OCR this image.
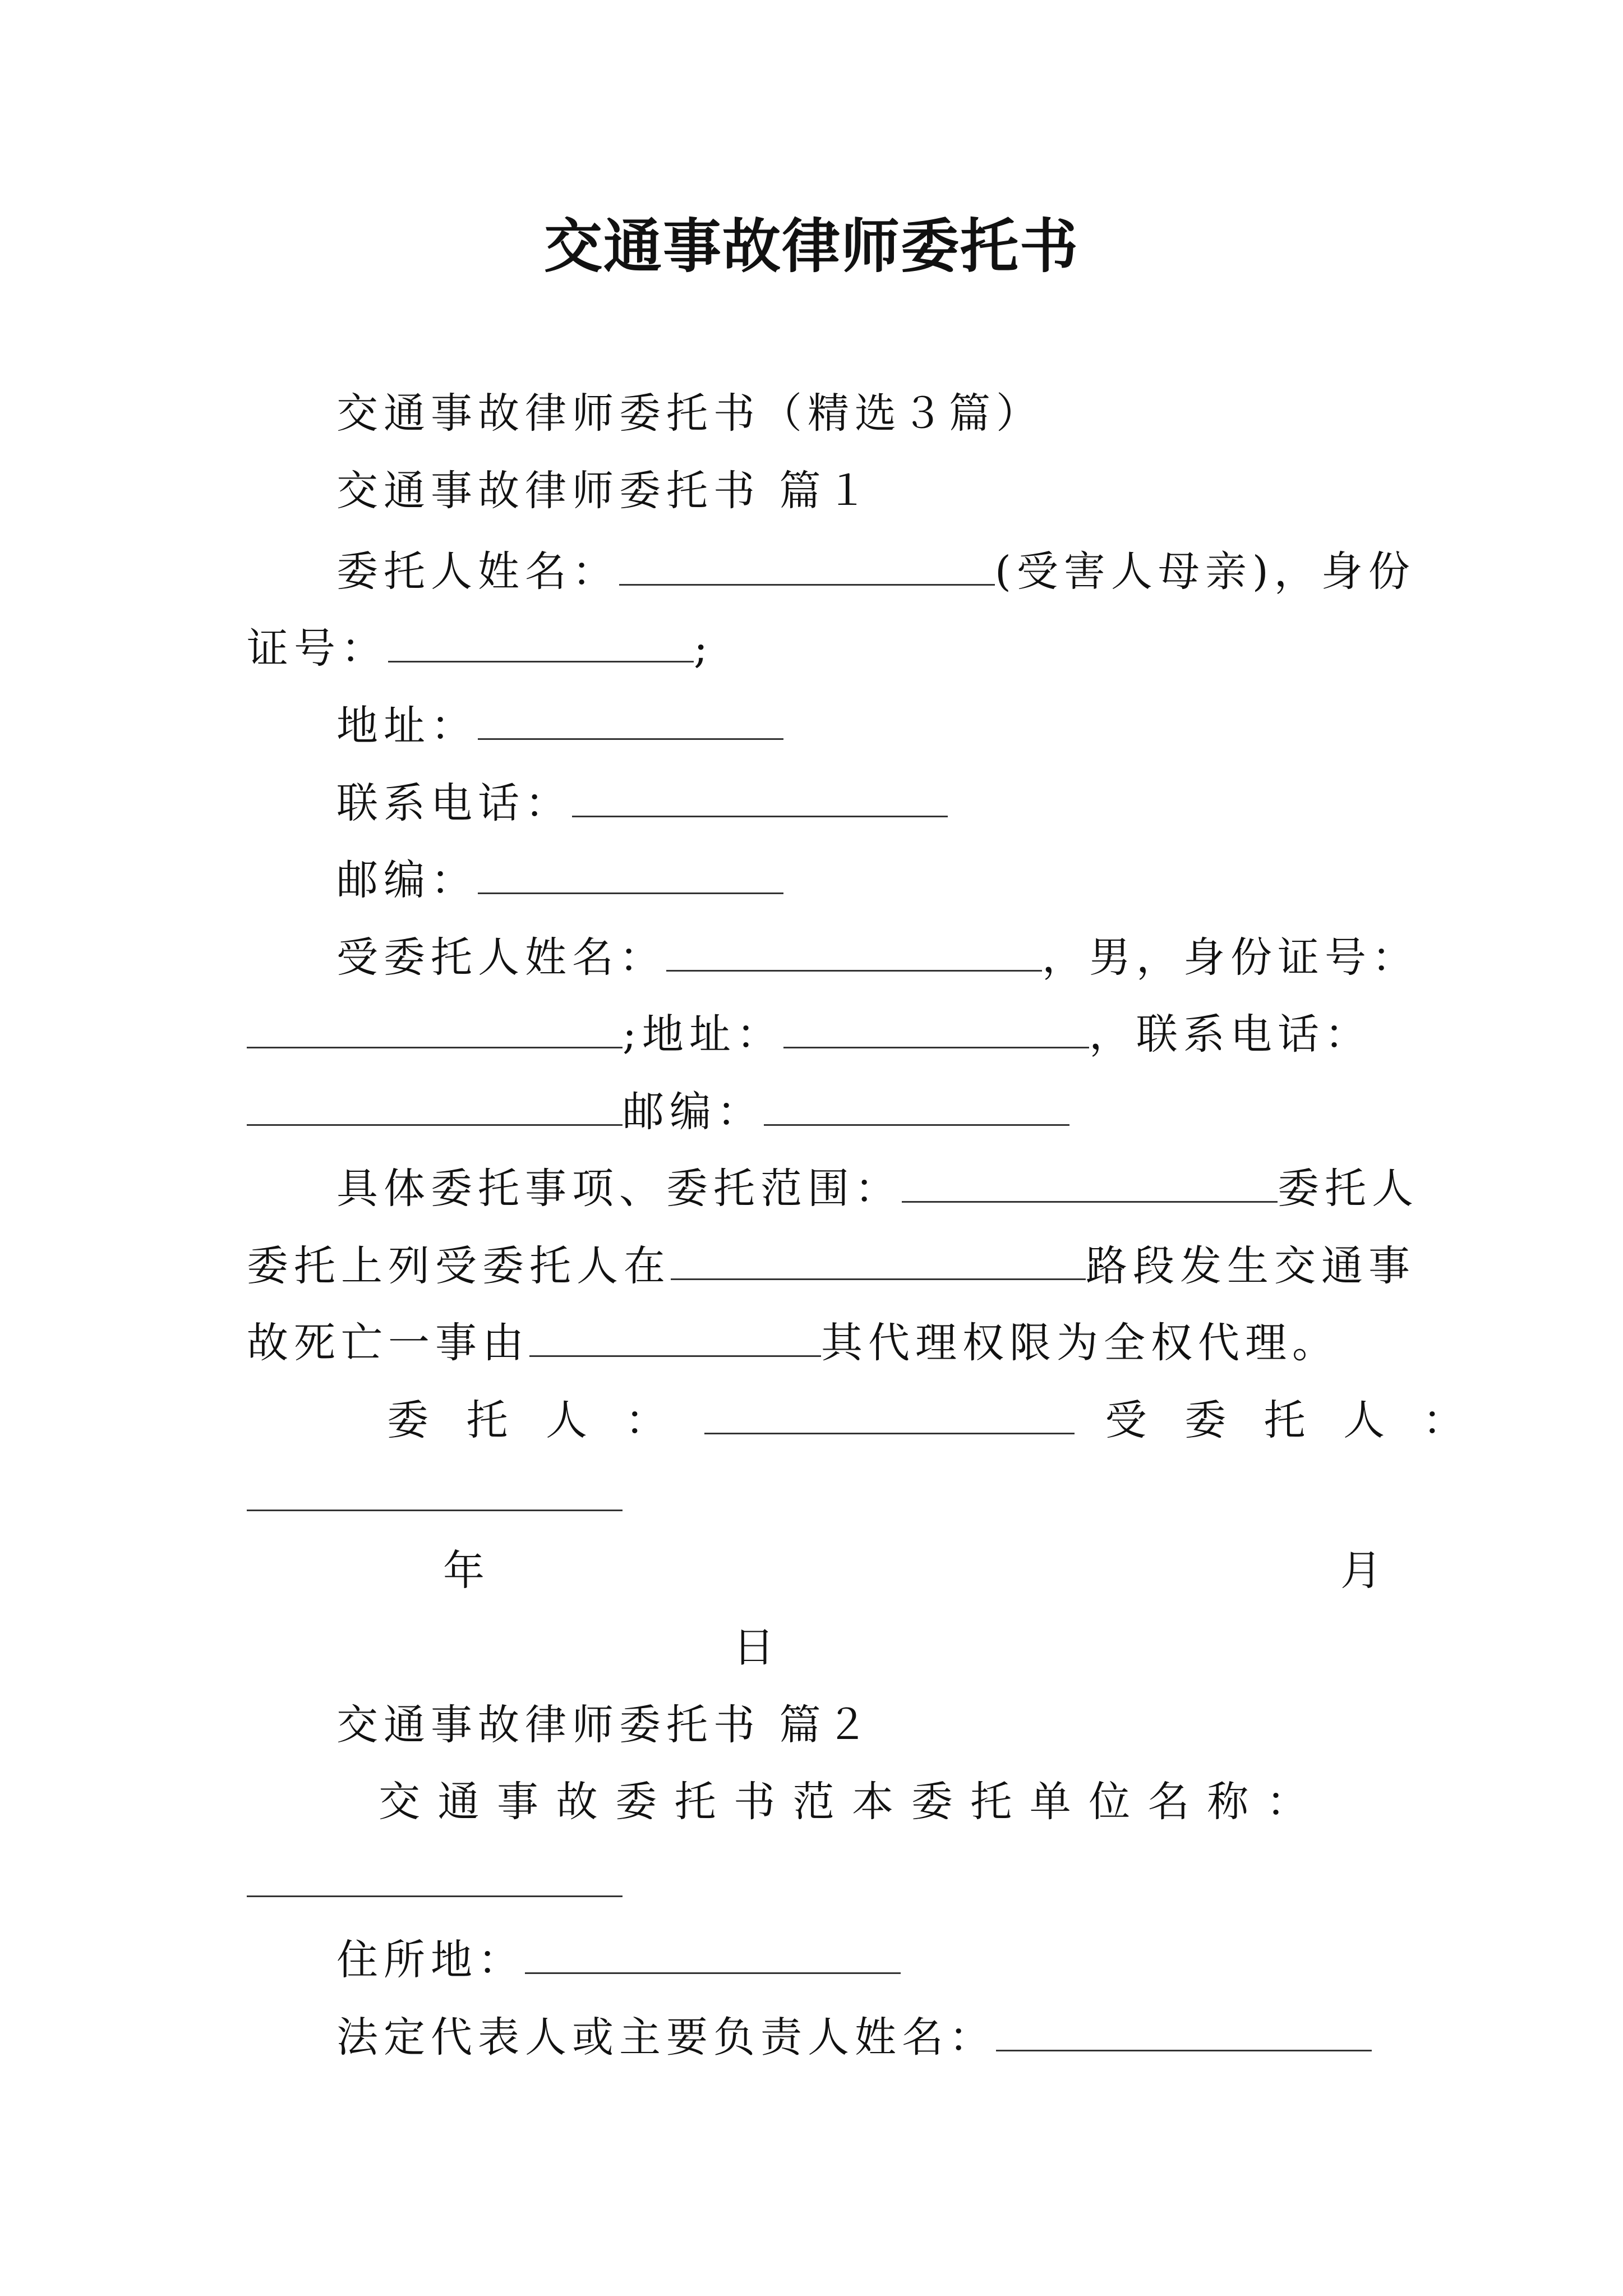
交通事故律师委托书
交通事故律师委托书（精选３篇）
交通事故律师委托书 篇１
委托人姓名：	(受害人母亲)，身份
证号：	;
地址：
联系电话：
邮编：
受委托人姓名：	，男，身份证号：
;地址：	，联系电话：
邮编：
具体委托事项、委托范围：	委托人
委托上列受委托人在	路段发生交通事
故死亡一事由	其代理权限为全权代理。
委 托 人 ：	受 委 托 人 ：
年	月
日
交通事故律师委托书 篇２
交 通 事 故 委 托 书 范 本 委 托 单 位 名 称 ：
住所地：
法定代表人或主要负责人姓名：
